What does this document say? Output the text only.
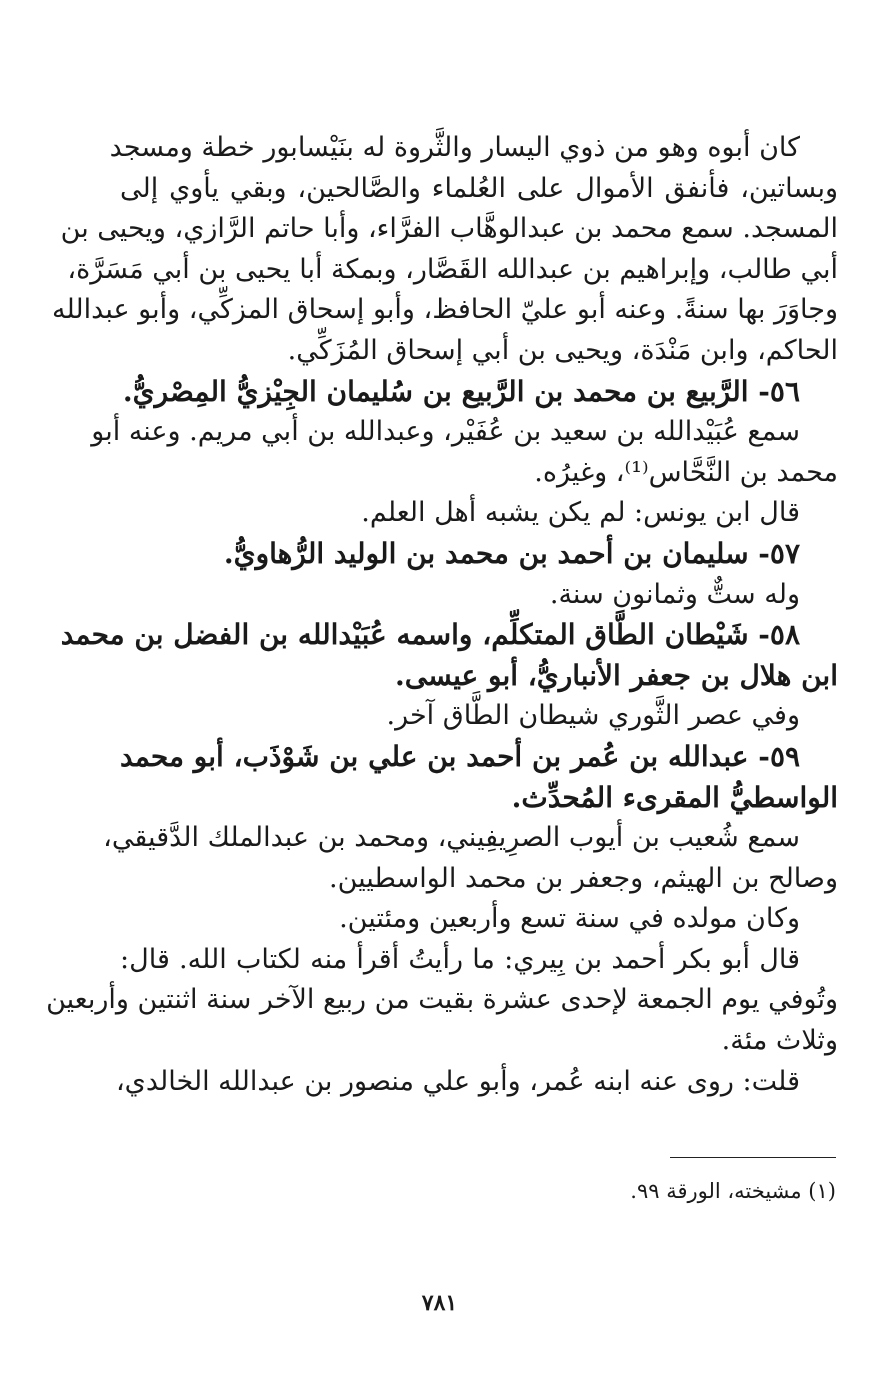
كان أبوه وهو من ذوي اليسار والثَّروة له بنَيْسابور خطة ومسجد
وبساتين، فأنفق الأموال على العُلماء والصَّالحين، وبقي يأوي إلى
المسجد. سمع محمد بن عبدالوهَّاب الفرَّاء، وأبا حاتم الرَّازي، ويحيى بن
أبي طالب، وإبراهيم بن عبدالله القَصَّار، وبمكة أبا يحيى بن أبي مَسَرَّة،
وجاوَرَ بها سنةً. وعنه أبو عليّ الحافظ، وأبو إسحاق المزكِّي، وأبو عبدالله
الحاكم، وابن مَنْدَة، ويحيى بن أبي إسحاق المُزَكِّي.
٥٦- الرَّبيع بن محمد بن الرَّبيع بن سُليمان الجِيْزيُّ المِصْريُّ.
سمع عُبَيْدالله بن سعيد بن عُفَيْر، وعبدالله بن أبي مريم. وعنه أبو
محمد بن النَّحَّاس⁽¹⁾، وغيرُه.
قال ابن يونس: لم يكن يشبه أهل العلم.
٥٧- سليمان بن أحمد بن محمد بن الوليد الرُّهاويُّ.
وله ستٌّ وثمانون سنة.
٥٨- شَيْطان الطَّاق المتكلِّم، واسمه عُبَيْدالله بن الفضل بن محمد
ابن هلال بن جعفر الأنباريُّ، أبو عيسى.
وفي عصر الثَّوري شيطان الطَّاق آخر.
٥٩- عبدالله بن عُمر بن أحمد بن علي بن شَوْذَب، أبو محمد
الواسطيُّ المقرىء المُحدِّث.
سمع شُعيب بن أيوب الصرِيفِيني، ومحمد بن عبدالملك الدَّقيقي،
وصالح بن الهيثم، وجعفر بن محمد الواسطيين.
وكان مولده في سنة تسع وأربعين ومئتين.
قال أبو بكر أحمد بن بِيري: ما رأيتُ أقرأ منه لكتاب الله. قال:
وتُوفي يوم الجمعة لإحدى عشرة بقيت من ربيع الآخر سنة اثنتين وأربعين
وثلاث مئة.
قلت: روى عنه ابنه عُمر، وأبو علي منصور بن عبدالله الخالدي،
(١) مشيخته، الورقة ٩٩.
٧٨١
